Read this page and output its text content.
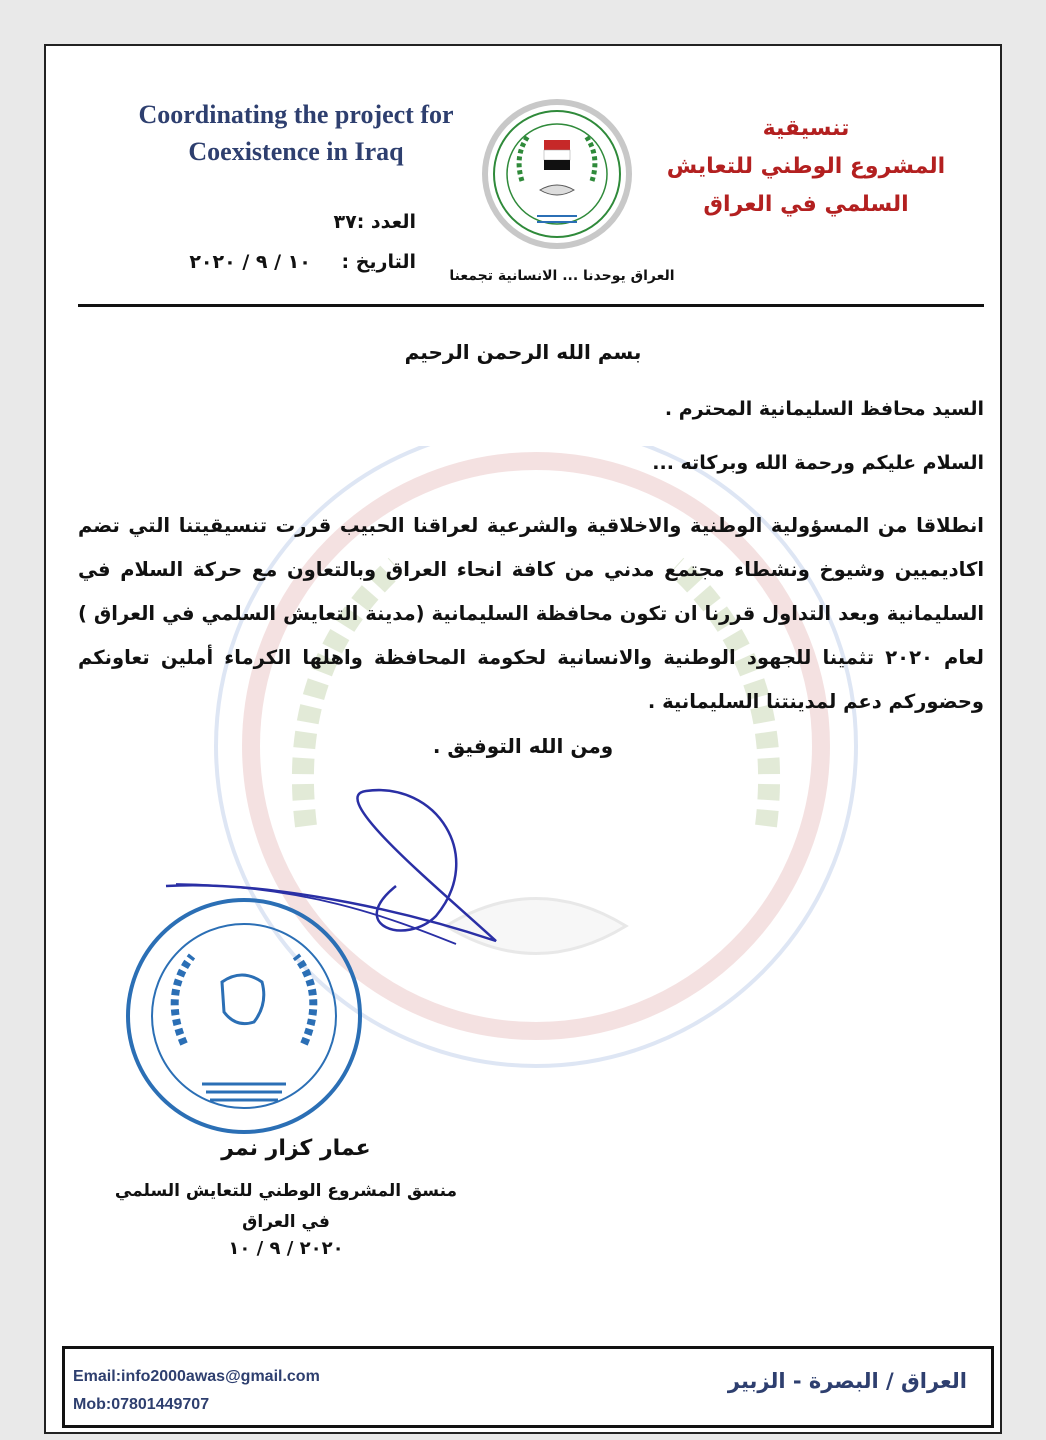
Coordinating the project for
Coexistence in Iraq
العراق يوحدنا ... الانسانية تجمعنا
تنسيقية
المشروع الوطني للتعايش
السلمي في العراق
العدد :٣٧
التاريخ : ١٠ / ٩ / ٢٠٢٠
بسم الله الرحمن الرحيم
السيد محافظ السليمانية المحترم .
السلام عليكم ورحمة الله وبركاته ...
انطلاقا من المسؤولية الوطنية والاخلاقية والشرعية لعراقنا الحبيب قررت تنسيقيتنا التي تضم اكاديميين وشيوخ ونشطاء مجتمع مدني من كافة انحاء العراق وبالتعاون مع حركة السلام في السليمانية وبعد التداول قررنا ان تكون محافظة السليمانية (مدينة التعايش السلمي في العراق ) لعام ٢٠٢٠ تثمينا للجهود الوطنية والانسانية لحكومة المحافظة واهلها الكرماء أملين تعاونكم وحضوركم دعم لمدينتنا السليمانية .
ومن الله التوفيق .
عمار كزار نمر
منسق المشروع الوطني للتعايش السلمي
في العراق
٢٠٢٠ / ٩ / ١٠
Email:info2000awas@gmail.com
Mob:07801449707
العراق / البصرة - الزبير
